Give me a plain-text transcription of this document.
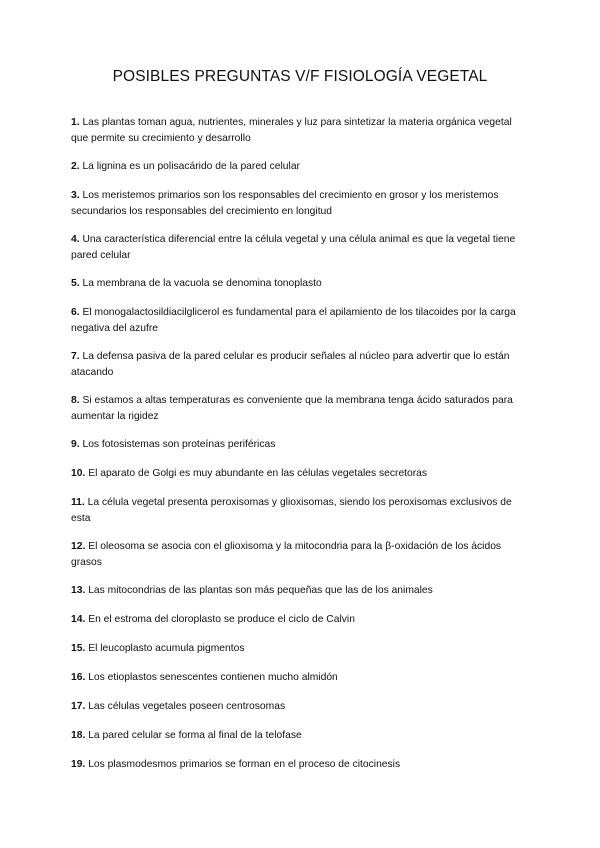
POSIBLES PREGUNTAS V/F FISIOLOGÍA VEGETAL
1. Las plantas toman agua, nutrientes, minerales y luz para sintetizar la materia orgánica vegetal que permite su crecimiento y desarrollo
2. La lignina es un polisacárido de la pared celular
3. Los meristemos primarios son los responsables del crecimiento en grosor y los meristemos secundarios los responsables del crecimiento en longitud
4. Una característica diferencial entre la célula vegetal y una célula animal es que la vegetal tiene pared celular
5. La membrana de la vacuola se denomina tonoplasto
6. El monogalactosildiacilglicerol es fundamental para el apilamiento de los tilacoides por la carga negativa del azufre
7. La defensa pasiva de la pared celular es producir señales al núcleo para advertir que lo están atacando
8. Si estamos a altas temperaturas es conveniente que la membrana tenga ácido saturados para aumentar la rigidez
9. Los fotosistemas son proteínas periféricas
10. El aparato de Golgi es muy abundante en las células vegetales secretoras
11. La célula vegetal presenta peroxisomas y glioxisomas, siendo los peroxisomas exclusivos de esta
12. El oleosoma se asocia con el glioxisoma y la mitocondria para la β-oxidación de los ácidos grasos
13. Las mitocondrias de las plantas son más pequeñas que las de los animales
14. En el estroma del cloroplasto se produce el ciclo de Calvin
15. El leucoplasto acumula pigmentos
16. Los etioplastos senescentes contienen mucho almidón
17. Las células vegetales poseen centrosomas
18. La pared celular se forma al final de la telofase
19. Los plasmodesmos primarios se forman en el proceso de citocinesis
